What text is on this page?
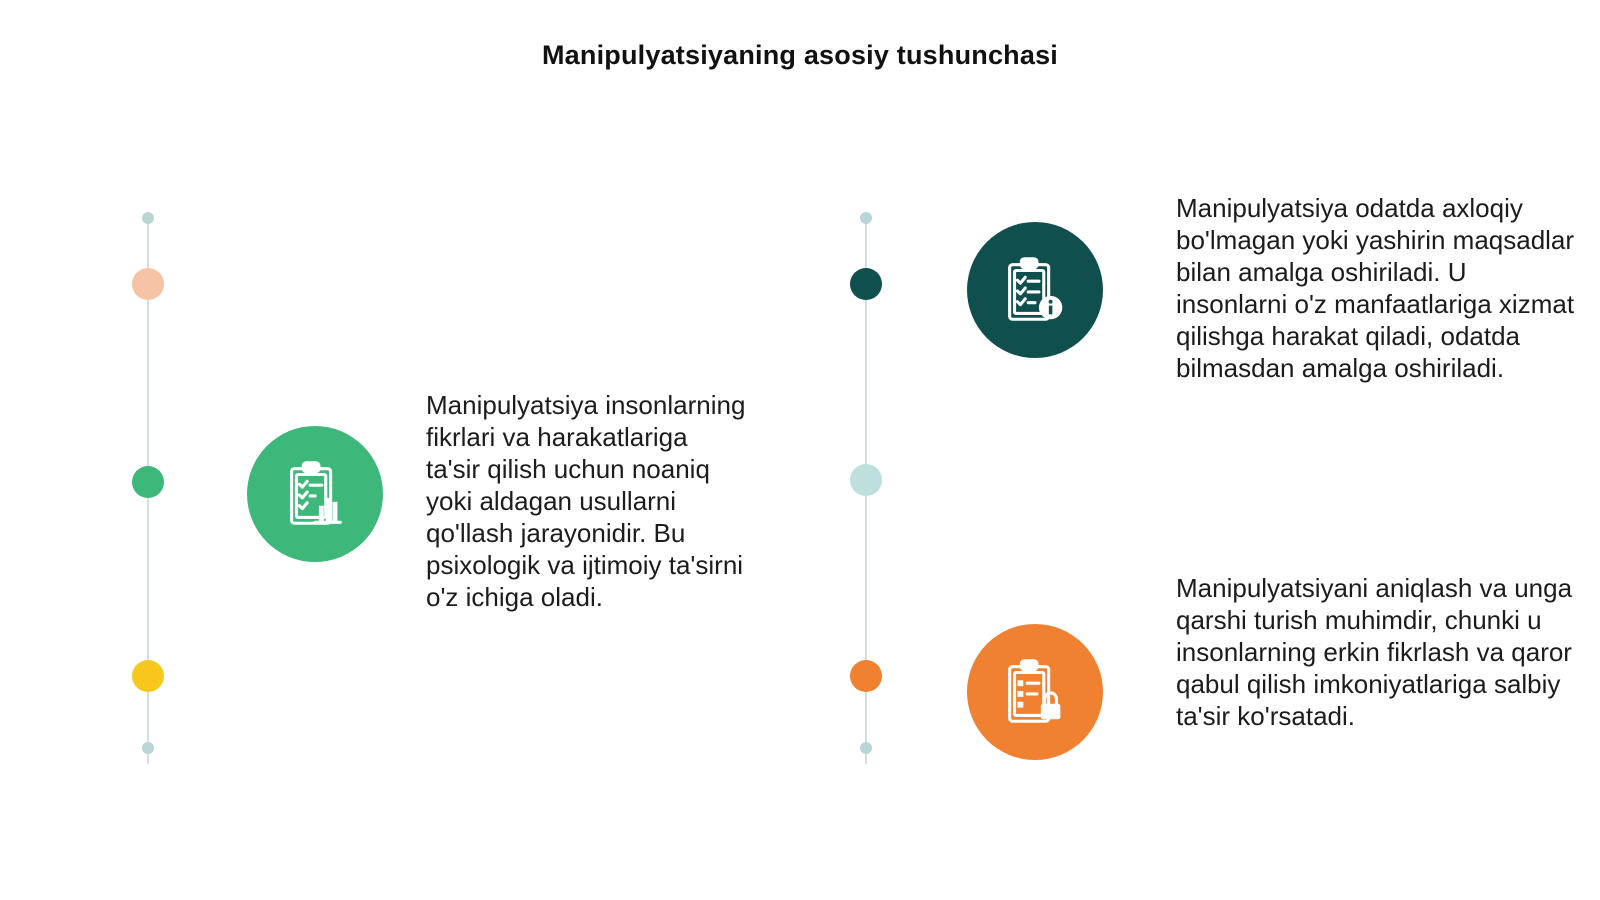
Manipulyatsiyaning asosiy tushunchasi
Manipulyatsiya insonlarning fikrlari va harakatlariga ta'sir qilish uchun noaniq yoki aldagan usullarni qo'llash jarayonidir. Bu psixologik va ijtimoiy ta'sirni o'z ichiga oladi.
Manipulyatsiya odatda axloqiy bo'lmagan yoki yashirin maqsadlar bilan amalga oshiriladi. U insonlarni o'z manfaatlariga xizmat qilishga harakat qiladi, odatda bilmasdan amalga oshiriladi.
Manipulyatsiyani aniqlash va unga qarshi turish muhimdir, chunki u insonlarning erkin fikrlash va qaror qabul qilish imkoniyatlariga salbiy ta'sir ko'rsatadi.
